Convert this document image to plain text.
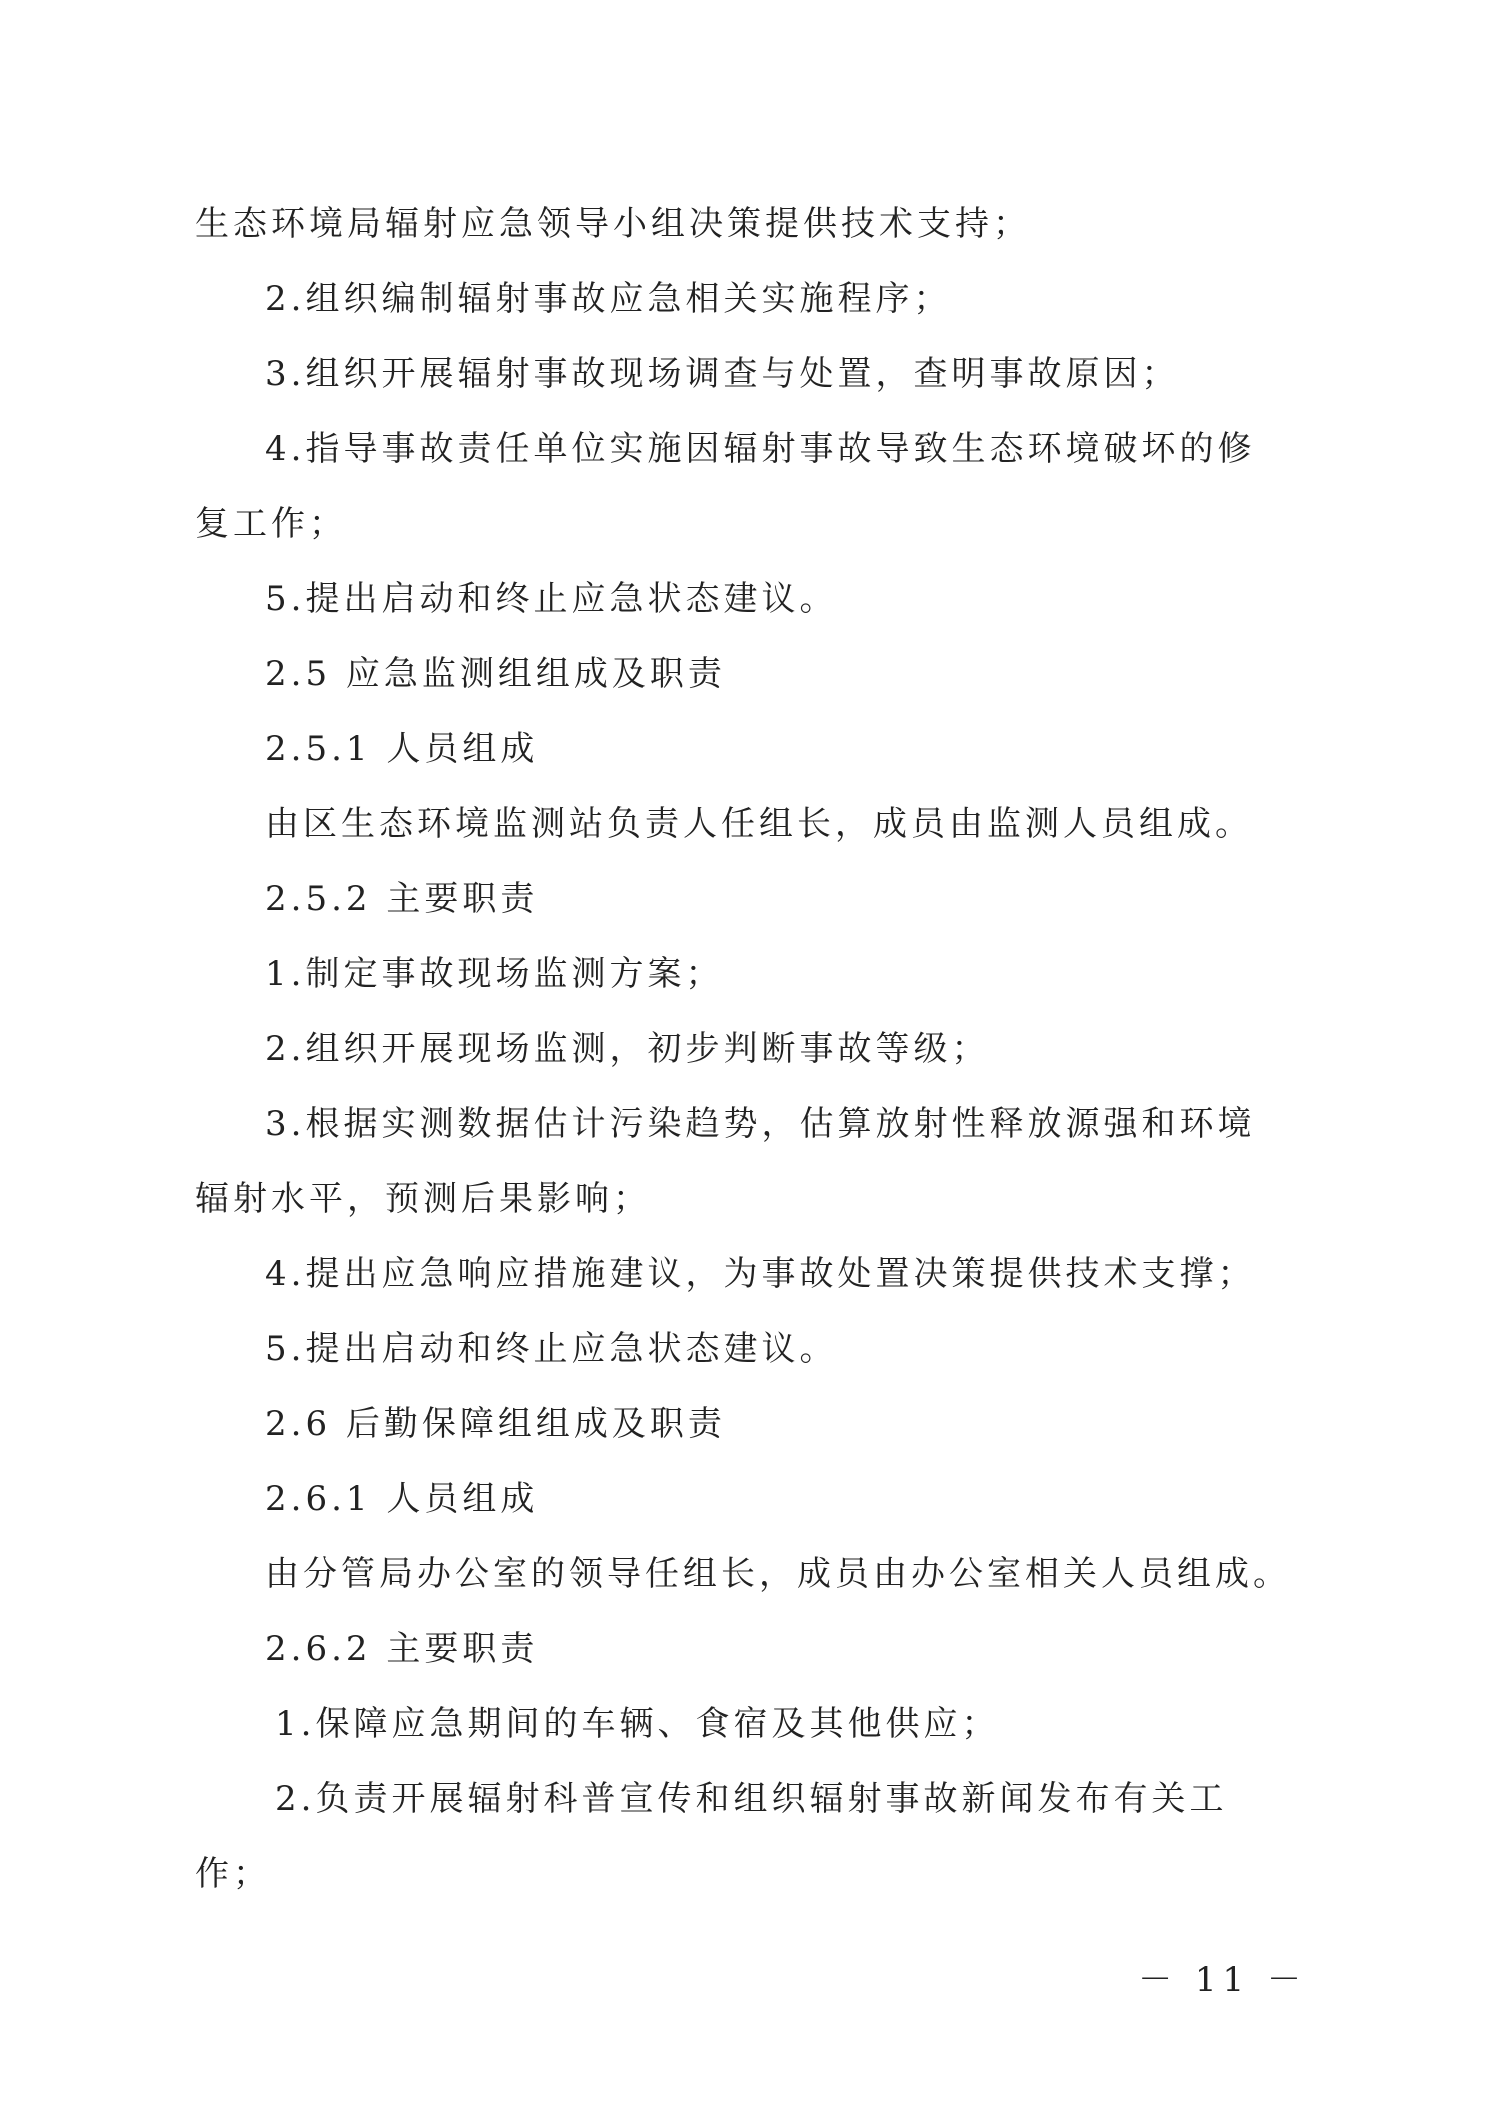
生态环境局辐射应急领导小组决策提供技术支持；
2.组织编制辐射事故应急相关实施程序；
3.组织开展辐射事故现场调查与处置，查明事故原因；
4.指导事故责任单位实施因辐射事故导致生态环境破坏的修
复工作；
5.提出启动和终止应急状态建议。
2.5 应急监测组组成及职责
2.5.1 人员组成
由区生态环境监测站负责人任组长，成员由监测人员组成。
2.5.2 主要职责
1.制定事故现场监测方案；
2.组织开展现场监测，初步判断事故等级；
3.根据实测数据估计污染趋势，估算放射性释放源强和环境
辐射水平，预测后果影响；
4.提出应急响应措施建议，为事故处置决策提供技术支撑；
5.提出启动和终止应急状态建议。
2.6 后勤保障组组成及职责
2.6.1 人员组成
由分管局办公室的领导任组长，成员由办公室相关人员组成。
2.6.2 主要职责
1.保障应急期间的车辆、食宿及其他供应；
2.负责开展辐射科普宣传和组织辐射事故新闻发布有关工
作；
－ 11 －
